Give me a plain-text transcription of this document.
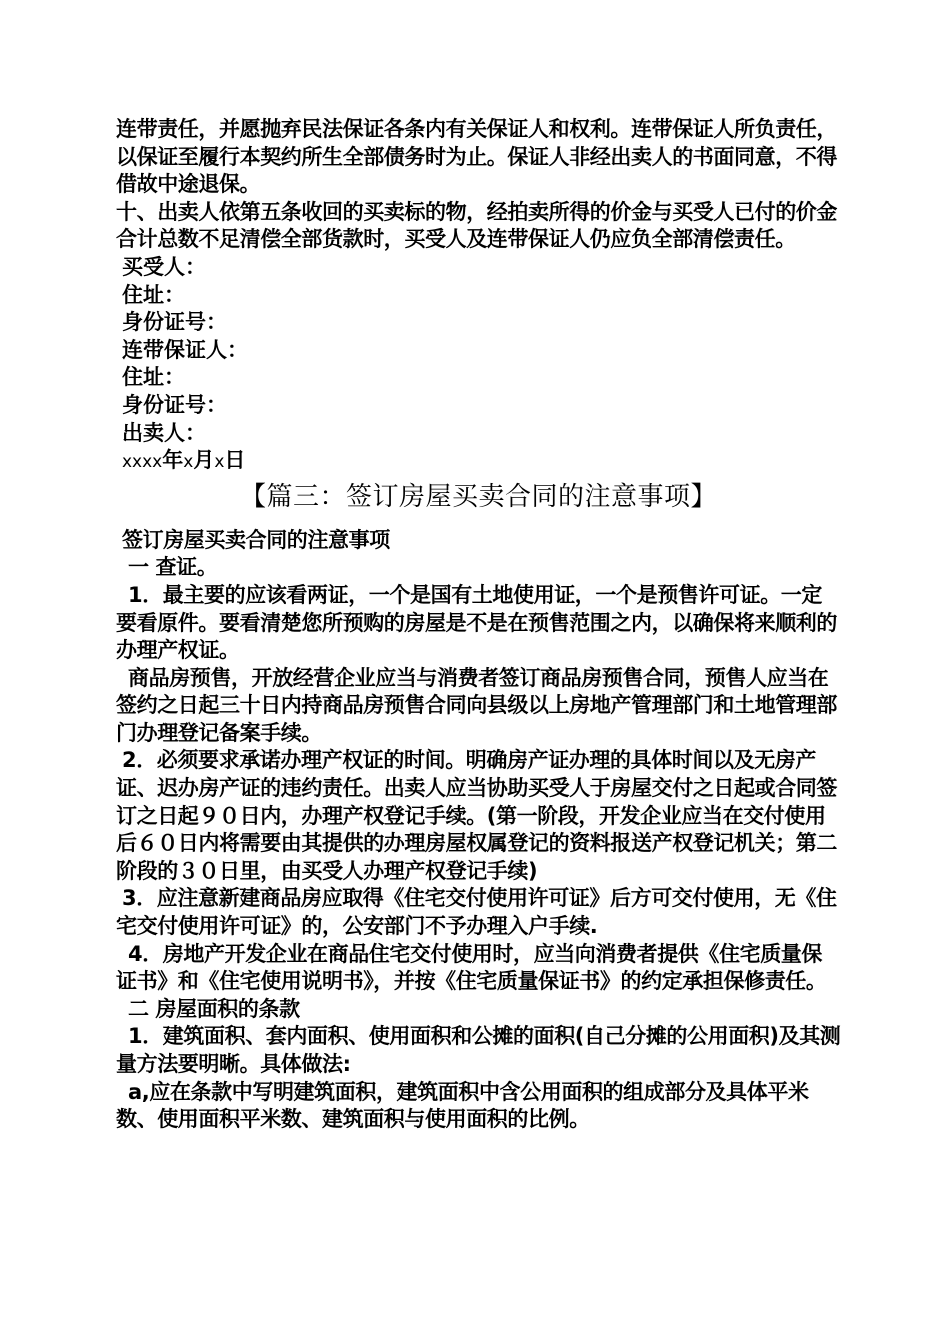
连带责任，并愿抛弃民法保证各条内有关保证人和权利。连带保证人所负责任，以保证至履行本契约所生全部债务时为止。保证人非经出卖人的书面同意，不得借故中途退保。

十、出卖人依第五条收回的买卖标的物，经拍卖所得的价金与买受人已付的价金合计总数不足清偿全部货款时，买受人及连带保证人仍应负全部清偿责任。

买受人：

住址：

身份证号：

连带保证人：

住址：

身份证号：

出卖人：

xxxx年x月x日

【篇三：签订房屋买卖合同的注意事项】

签订房屋买卖合同的注意事项

一 查证。

1．最主要的应该看两证，一个是国有土地使用证，一个是预售许可证。一定要看原件。要看清楚您所预购的房屋是不是在预售范围之内，以确保将来顺利的办理产权证。

商品房预售，开放经营企业应当与消费者签订商品房预售合同，预售人应当在签约之日起三十日内持商品房预售合同向县级以上房地产管理部门和土地管理部门办理登记备案手续。

2．必须要求承诺办理产权证的时间。明确房产证办理的具体时间以及无房产证、迟办房产证的违约责任。出卖人应当协助买受人于房屋交付之日起或合同签订之日起９０日内，办理产权登记手续。(第一阶段，开发企业应当在交付使用后６０日内将需要由其提供的办理房屋权属登记的资料报送产权登记机关；第二阶段的３０日里，由买受人办理产权登记手续)

3．应注意新建商品房应取得《住宅交付使用许可证》后方可交付使用，无《住宅交付使用许可证》的，公安部门不予办理入户手续.

4．房地产开发企业在商品住宅交付使用时，应当向消费者提供《住宅质量保证书》和《住宅使用说明书》，并按《住宅质量保证书》的约定承担保修责任。

二 房屋面积的条款

1．建筑面积、套内面积、使用面积和公摊的面积(自己分摊的公用面积)及其测量方法要明晰。具体做法:

a,应在条款中写明建筑面积，建筑面积中含公用面积的组成部分及具体平米数、使用面积平米数、建筑面积与使用面积的比例。
